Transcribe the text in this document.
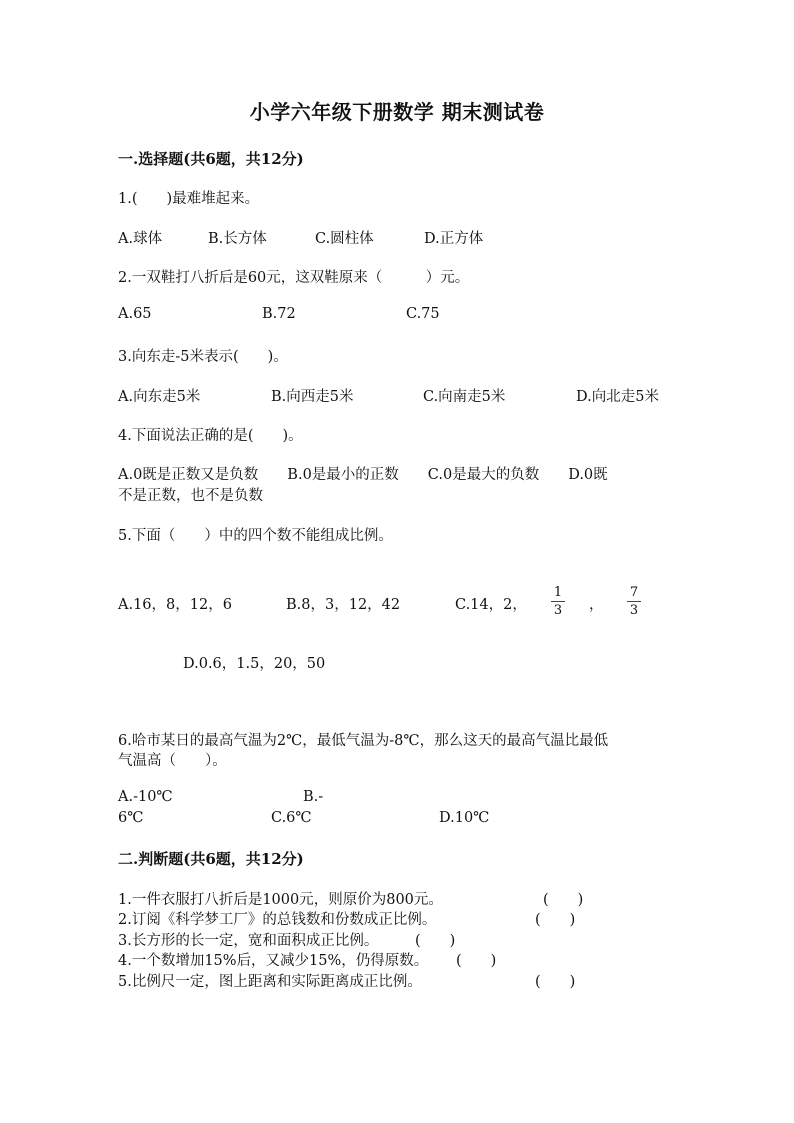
小学六年级下册数学 期末测试卷
一.选择题(共6题，共12分)
1.(　　)最难堆起来。
A.球体	B.长方体	C.圆柱体	D.正方体
2.一双鞋打八折后是60元，这双鞋原来（　　　）元。
A.65	B.72	C.75
3.向东走-5米表示(　　)。
A.向东走5米	B.向西走5米	C.向南走5米	D.向北走5米
4.下面说法正确的是(　　)。
A.0既是正数又是负数　　B.0是最小的正数　　C.0是最大的负数　　D.0既
不是正数，也不是负数
5.下面（　　）中的四个数不能组成比例。
A.16，8，12，6	B.8，3，12，42	C.14，2，
1
3 ，
7
3
D.0.6，1.5，20，50
6.哈市某日的最高气温为2℃，最低气温为-8℃，那么这天的最高气温比最低
气温高（　　）。
A.-10℃	B.-
6℃	C.6℃	D.10℃
二.判断题(共6题，共12分)
1.一件衣服打八折后是1000元，则原价为800元。	(　　)
2.订阅《科学梦工厂》的总钱数和份数成正比例。	(　　)
3.长方形的长一定，宽和面积成正比例。	(　　)
4.一个数增加15%后，又减少15%，仍得原数。 (　　)
5.比例尺一定，图上距离和实际距离成正比例。	(　　)
